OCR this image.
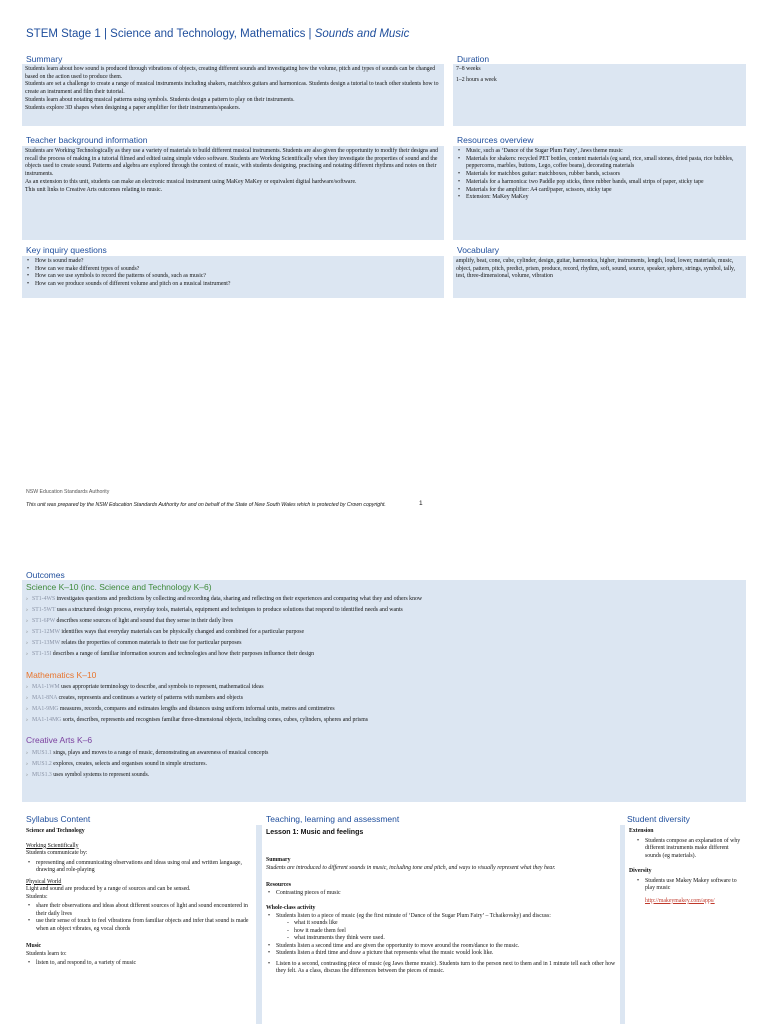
STEM Stage 1 | Science and Technology, Mathematics | Sounds and Music
Summary

Students learn about how sound is produced through vibrations of objects, creating different sounds and investigating how the volume, pitch and types of sounds can be changed based on the action used to produce them.

Students are set a challenge to create a range of musical instruments including shakers, matchbox guitars and harmonicas. Students design a tutorial to teach other students how to create an instrument and film their tutorial.

Students learn about notating musical patterns using symbols. Students design a pattern to play on their instruments.

Students explore 3D shapes when designing a paper amplifier for their instruments/speakers.

Duration

7–8 weeks

1–2 hours a week

Teacher background information

Students are Working Technologically as they use a variety of materials to build different musical instruments. Students are also given the opportunity to modify their designs and recall the process of making in a tutorial filmed and edited using simple video software. Students are Working Scientifically when they investigate the properties of sound and the objects used to create sound. Patterns and algebra are explored through the context of music, with students designing, practising and notating different rhythms and notes on their instruments.

As an extension to this unit, students can make an electronic musical instrument using MaKey MaKey or equivalent digital hardware/software.

This unit links to Creative Arts outcomes relating to music.

Resources overview
• Music, such as ‘Dance of the Sugar Plum Fairy’, Jaws theme music
• Materials for shakers: recycled PET bottles, content materials (eg sand, rice, small stones, dried pasta, rice bubbles, peppercorns, marbles, buttons, Lego, coffee beans), decorating materials
• Materials for matchbox guitar: matchboxes, rubber bands, scissors
• Materials for a harmonica: two Paddle pop sticks, three rubber bands, small strips of paper, sticky tape
• Materials for the amplifier: A4 card/paper, scissors, sticky tape
• Extension: MaKey MaKey
Key inquiry questions
• How is sound made?
• How can we make different types of sounds?
• How can we use symbols to record the patterns of sounds, such as music?
• How can we produce sounds of different volume and pitch on a musical instrument?
Vocabulary

amplify, beat, cone, cube, cylinder, design, guitar, harmonica, higher, instruments, length, loud, lower, materials, music, object, pattern, pitch, predict, prism, produce, record, rhythm, soft, sound, source, speaker, sphere, strings, symbol, tally, test, three-dimensional, volume, vibration

NSW Education Standards Authority
This unit was prepared by the NSW Education Standards Authority for and on behalf of the State of New South Wales which is protected by Crown copyright.	1
Outcomes
Science K–10 (inc. Science and Technology K–6)
› ST1-4WS investigates questions and predictions by collecting and recording data, sharing and reflecting on their experiences and comparing what they and others know
› ST1-5WT uses a structured design process, everyday tools, materials, equipment and techniques to produce solutions that respond to identified needs and wants
› ST1-6PW describes some sources of light and sound that they sense in their daily lives
› ST1-12MW identifies ways that everyday materials can be physically changed and combined for a particular purpose
› ST1-13MW relates the properties of common materials to their use for particular purposes
› ST1-15I describes a range of familiar information sources and technologies and how their purposes influence their design
Mathematics K–10
› MA1-1WM uses appropriate terminology to describe, and symbols to represent, mathematical ideas
› MA1-8NA creates, represents and continues a variety of patterns with numbers and objects
› MA1-9MG measures, records, compares and estimates lengths and distances using uniform informal units, metres and centimetres
› MA1-14MG sorts, describes, represents and recognises familiar three-dimensional objects, including cones, cubes, cylinders, spheres and prisms
Creative Arts K–6
› MUS1.1 sings, plays and moves to a range of music, demonstrating an awareness of musical concepts
› MUS1.2 explores, creates, selects and organises sound in simple structures.
› MUS1.3 uses symbol systems to represent sounds.
Syllabus Content	Teaching, learning and assessment	Student diversity
Science and Technology
Working Scientifically
Students communicate by:
• representing and communicating observations and ideas using oral and written language, drawing and role-playing
Physical World
Light and sound are produced by a range of sources and can be sensed.
Students:
• share their observations and ideas about different sources of light and sound encountered in their daily lives
• use their sense of touch to feel vibrations from familiar objects and infer that sound is made when an object vibrates, eg vocal chords
Music
Students learn to:
• listen to, and respond to, a variety of music
Lesson 1: Music and feelings
Summary
Students are introduced to different sounds in music, including tone and pitch, and ways to visually represent what they hear.
Resources
• Contrasting pieces of music
Whole-class activity
• Students listen to a piece of music (eg the first minute of ‘Dance of the Sugar Plum Fairy’ – Tchaikovsky) and discuss:
- what it sounds like
- how it made them feel
- what instruments they think were used.
• Students listen a second time and are given the opportunity to move around the room/dance to the music.
• Students listen a third time and draw a picture that represents what the music would look like.
• Listen to a second, contrasting piece of music (eg Jaws theme music). Students turn to the person next to them and in 1 minute tell each other how they felt. As a class, discuss the differences between the pieces of music.
Extension
• Students compose an explanation of why different instruments make different sounds (eg materials).
Diversity
• Students use Makey Makey software to play music
http://makeymakey.com/apps/
